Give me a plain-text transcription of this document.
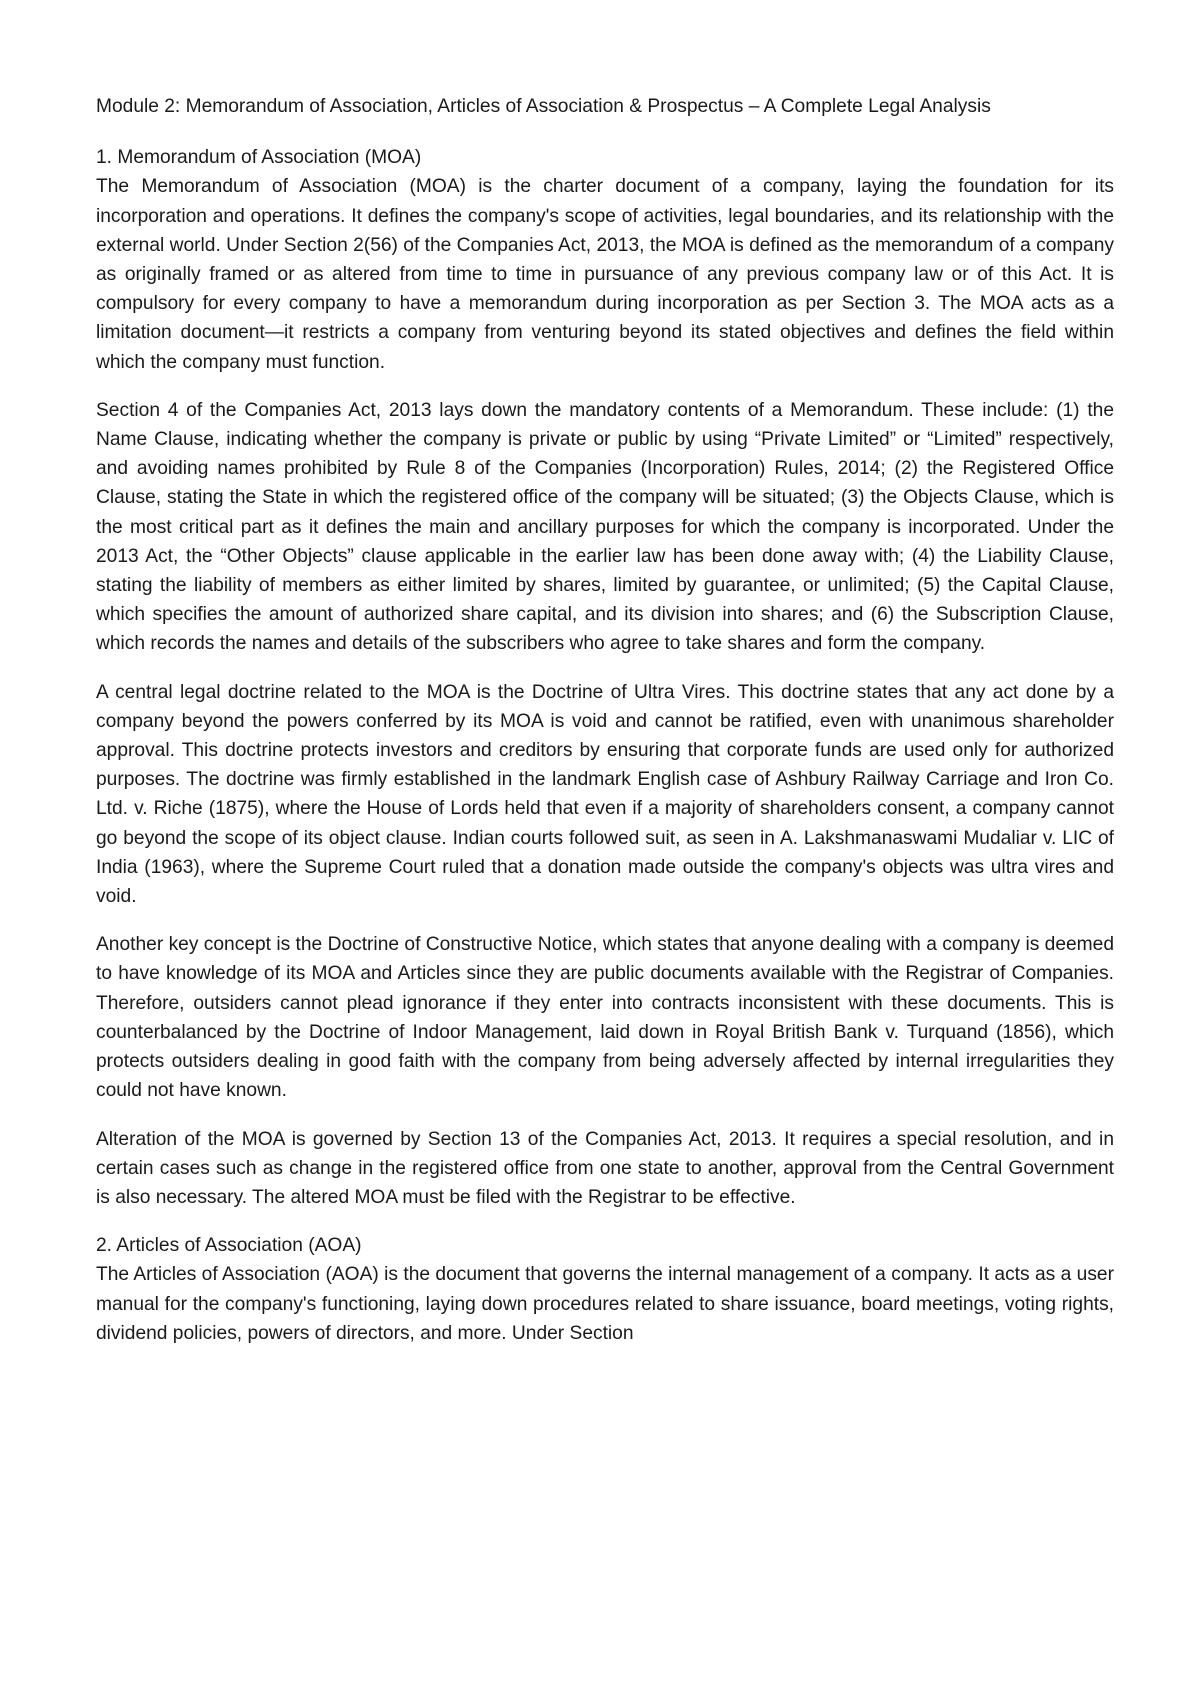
Module 2: Memorandum of Association, Articles of Association & Prospectus – A Complete Legal Analysis
1. Memorandum of Association (MOA)

The Memorandum of Association (MOA) is the charter document of a company, laying the foundation for its incorporation and operations. It defines the company's scope of activities, legal boundaries, and its relationship with the external world. Under Section 2(56) of the Companies Act, 2013, the MOA is defined as the memorandum of a company as originally framed or as altered from time to time in pursuance of any previous company law or of this Act. It is compulsory for every company to have a memorandum during incorporation as per Section 3. The MOA acts as a limitation document—it restricts a company from venturing beyond its stated objectives and defines the field within which the company must function.

Section 4 of the Companies Act, 2013 lays down the mandatory contents of a Memorandum. These include: (1) the Name Clause, indicating whether the company is private or public by using “Private Limited” or “Limited” respectively, and avoiding names prohibited by Rule 8 of the Companies (Incorporation) Rules, 2014; (2) the Registered Office Clause, stating the State in which the registered office of the company will be situated; (3) the Objects Clause, which is the most critical part as it defines the main and ancillary purposes for which the company is incorporated. Under the 2013 Act, the “Other Objects” clause applicable in the earlier law has been done away with; (4) the Liability Clause, stating the liability of members as either limited by shares, limited by guarantee, or unlimited; (5) the Capital Clause, which specifies the amount of authorized share capital, and its division into shares; and (6) the Subscription Clause, which records the names and details of the subscribers who agree to take shares and form the company.

A central legal doctrine related to the MOA is the Doctrine of Ultra Vires. This doctrine states that any act done by a company beyond the powers conferred by its MOA is void and cannot be ratified, even with unanimous shareholder approval. This doctrine protects investors and creditors by ensuring that corporate funds are used only for authorized purposes. The doctrine was firmly established in the landmark English case of Ashbury Railway Carriage and Iron Co. Ltd. v. Riche (1875), where the House of Lords held that even if a majority of shareholders consent, a company cannot go beyond the scope of its object clause. Indian courts followed suit, as seen in A. Lakshmanaswami Mudaliar v. LIC of India (1963), where the Supreme Court ruled that a donation made outside the company's objects was ultra vires and void.

Another key concept is the Doctrine of Constructive Notice, which states that anyone dealing with a company is deemed to have knowledge of its MOA and Articles since they are public documents available with the Registrar of Companies. Therefore, outsiders cannot plead ignorance if they enter into contracts inconsistent with these documents. This is counterbalanced by the Doctrine of Indoor Management, laid down in Royal British Bank v. Turquand (1856), which protects outsiders dealing in good faith with the company from being adversely affected by internal irregularities they could not have known.

Alteration of the MOA is governed by Section 13 of the Companies Act, 2013. It requires a special resolution, and in certain cases such as change in the registered office from one state to another, approval from the Central Government is also necessary. The altered MOA must be filed with the Registrar to be effective.

2. Articles of Association (AOA)

The Articles of Association (AOA) is the document that governs the internal management of a company. It acts as a user manual for the company's functioning, laying down procedures related to share issuance, board meetings, voting rights, dividend policies, powers of directors, and more. Under Section
